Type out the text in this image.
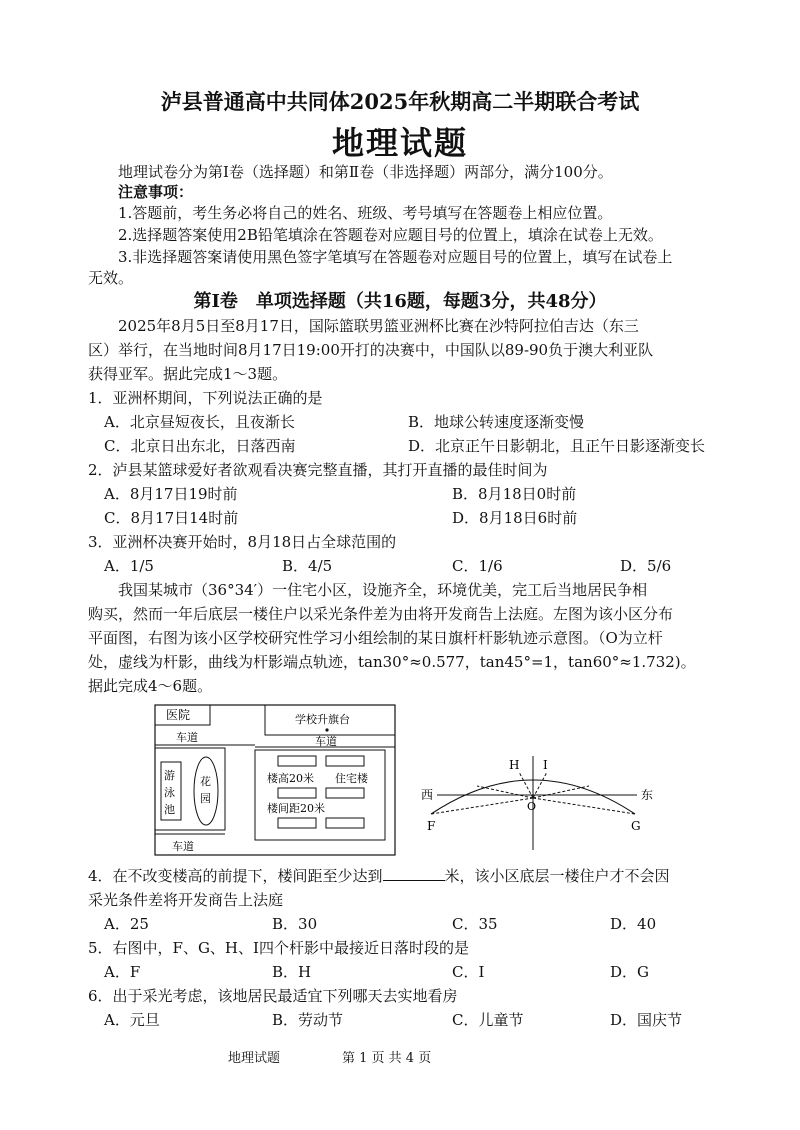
泸县普通高中共同体2025年秋期高二半期联合考试
地理试题
地理试卷分为第Ⅰ卷（选择题）和第Ⅱ卷（非选择题）两部分，满分100分。
注意事项：
1.答题前，考生务必将自己的姓名、班级、考号填写在答题卷上相应位置。
2.选择题答案使用2B铅笔填涂在答题卷对应题目号的位置上，填涂在试卷上无效。
3.非选择题答案请使用黑色签字笔填写在答题卷对应题目号的位置上，填写在试卷上
无效。
第Ⅰ卷　单项选择题（共16题，每题3分，共48分）
2025年8月5日至8月17日，国际篮联男篮亚洲杯比赛在沙特阿拉伯吉达（东三
区）举行，在当地时间8月17日19:00开打的决赛中，中国队以89-90负于澳大利亚队
获得亚军。据此完成1～3题。
1．亚洲杯期间，下列说法正确的是
A．北京昼短夜长，且夜渐长	B．地球公转速度逐渐变慢
C．北京日出东北，日落西南	D．北京正午日影朝北，且正午日影逐渐变长
2．泸县某篮球爱好者欲观看决赛完整直播，其打开直播的最佳时间为
A．8月17日19时前	B．8月18日0时前
C．8月17日14时前	D．8月18日6时前
3．亚洲杯决赛开始时，8月18日占全球范围的
A．1/5	B．4/5	C．1/6	D．5/6
我国某城市（36°34′）一住宅小区，设施齐全，环境优美，完工后当地居民争相
购买，然而一年后底层一楼住户以采光条件差为由将开发商告上法庭。左图为该小区分布
平面图，右图为该小区学校研究性学习小组绘制的某日旗杆杆影轨迹示意图。（O为立杆
处，虚线为杆影，曲线为杆影端点轨迹，tan30°≈0.577，tan45°=1，tan60°≈1.732)。
据此完成4～6题。
医院	学校升旗台
车道	车道
游
泳
池
花
园
楼高20米 住宅楼
楼间距20米
车道
西	东
H I
F	G
O
4．在不改变楼高的前提下，楼间距至少达到	米，该小区底层一楼住户才不会因
采光条件差将开发商告上法庭
A．25	B．30	C．35	D．40
5．右图中，F、G、H、I四个杆影中最接近日落时段的是
A．F	B．H	C．I	D．G
6．出于采光考虑，该地居民最适宜下列哪天去实地看房
A．元旦	B．劳动节	C．儿童节	D．国庆节
地理试题	第 1 页 共 4 页
